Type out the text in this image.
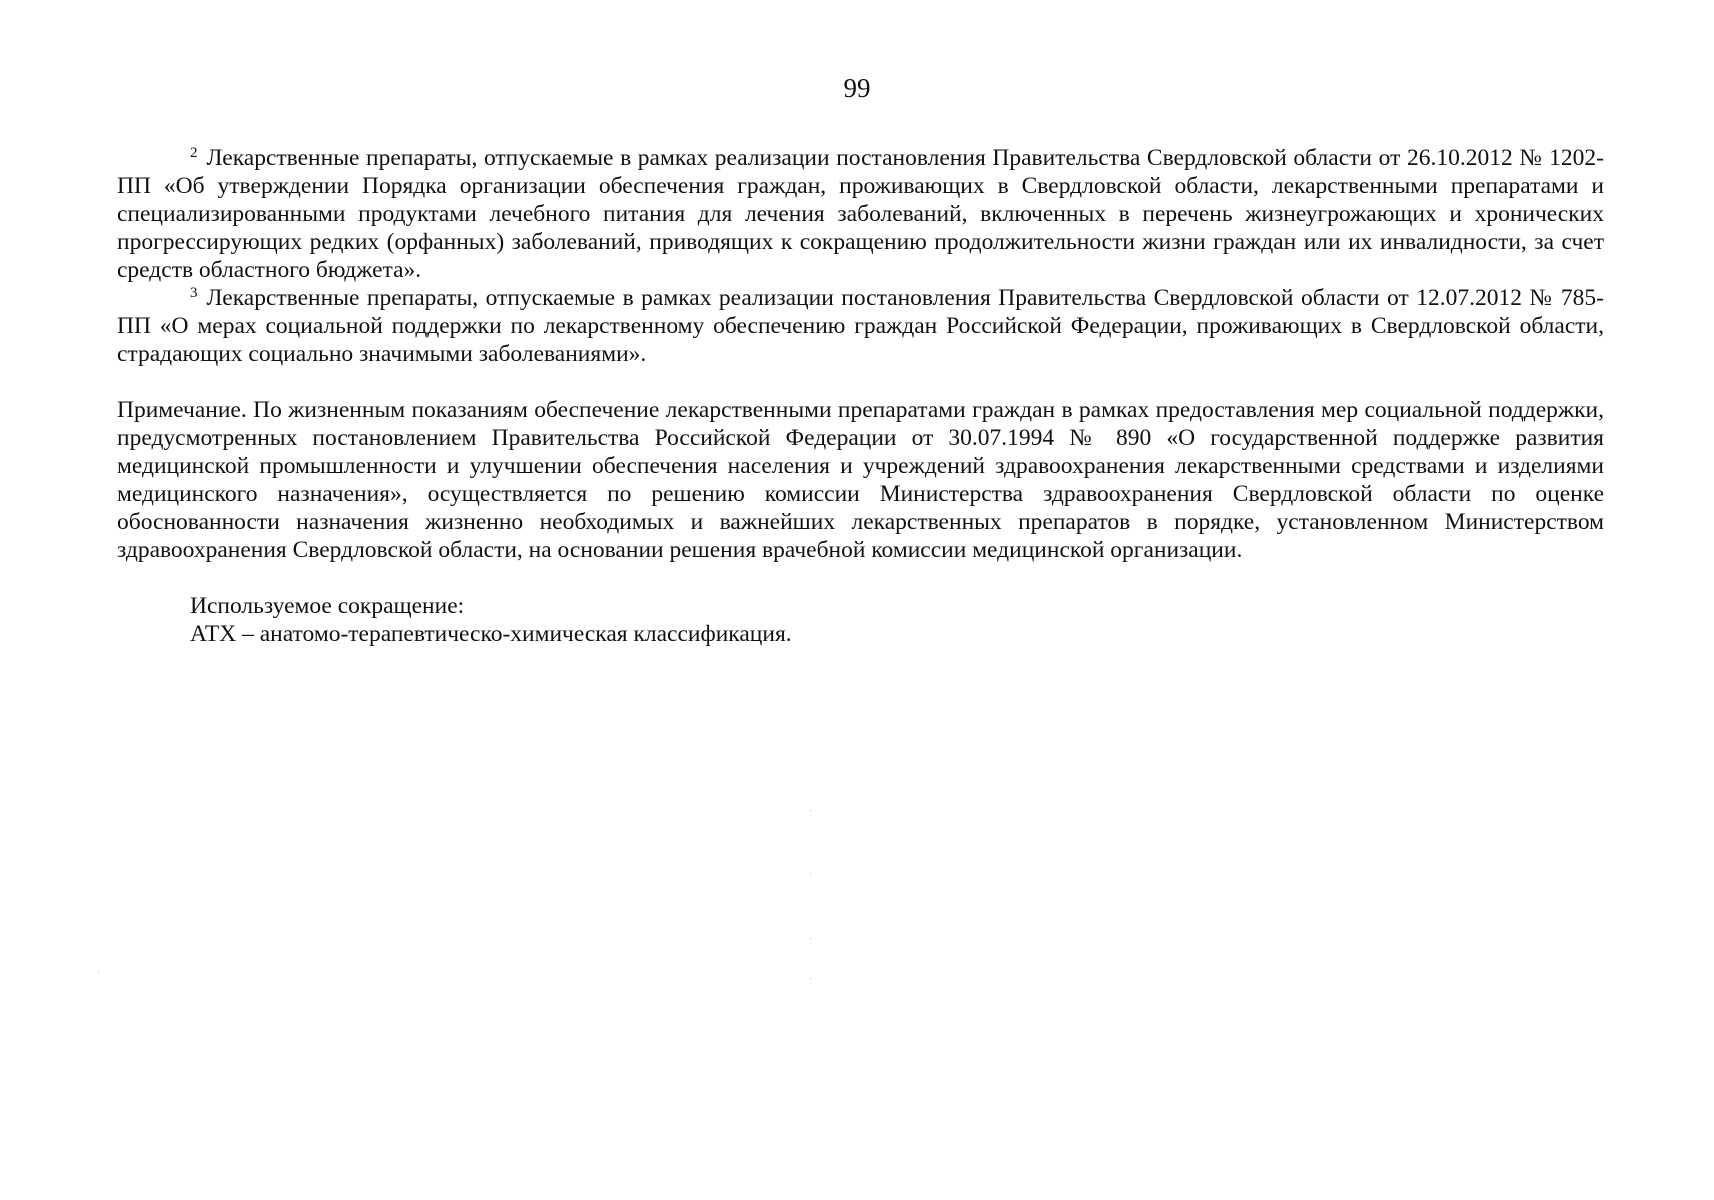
99

$^2$ Лекарственные препараты, отпускаемые в рамках реализации постановления Правительства Свердловской области от 26.10.2012 № 1202-ПП «Об утверждении Порядка организации обеспечения граждан, проживающих в Свердловской области, лекарственными препаратами и специализированными продуктами лечебного питания для лечения заболеваний, включенных в перечень жизнеугрожающих и хронических прогрессирующих редких (орфанных) заболеваний, приводящих к сокращению продолжительности жизни граждан или их инвалидности, за счет средств областного бюджета».

$^3$ Лекарственные препараты, отпускаемые в рамках реализации постановления Правительства Свердловской области от 12.07.2012 № 785-ПП «О мерах социальной поддержки по лекарственному обеспечению граждан Российской Федерации, проживающих в Свердловской области, страдающих социально значимыми заболеваниями».

Примечание. По жизненным показаниям обеспечение лекарственными препаратами граждан в рамках предоставления мер социальной поддержки, предусмотренных постановлением Правительства Российской Федерации от 30.07.1994 № 890 «О государственной поддержке развития медицинской промышленности и улучшении обеспечения населения и учреждений здравоохранения лекарственными средствами и изделиями медицинского назначения», осуществляется по решению комиссии Министерства здравоохранения Свердловской области по оценке обоснованности назначения жизненно необходимых и важнейших лекарственных препаратов в порядке, установленном Министерством здравоохранения Свердловской области, на основании решения врачебной комиссии медицинской организации.

Используемое сокращение:
АТХ – анатомо-терапевтическо-химическая классификация.
